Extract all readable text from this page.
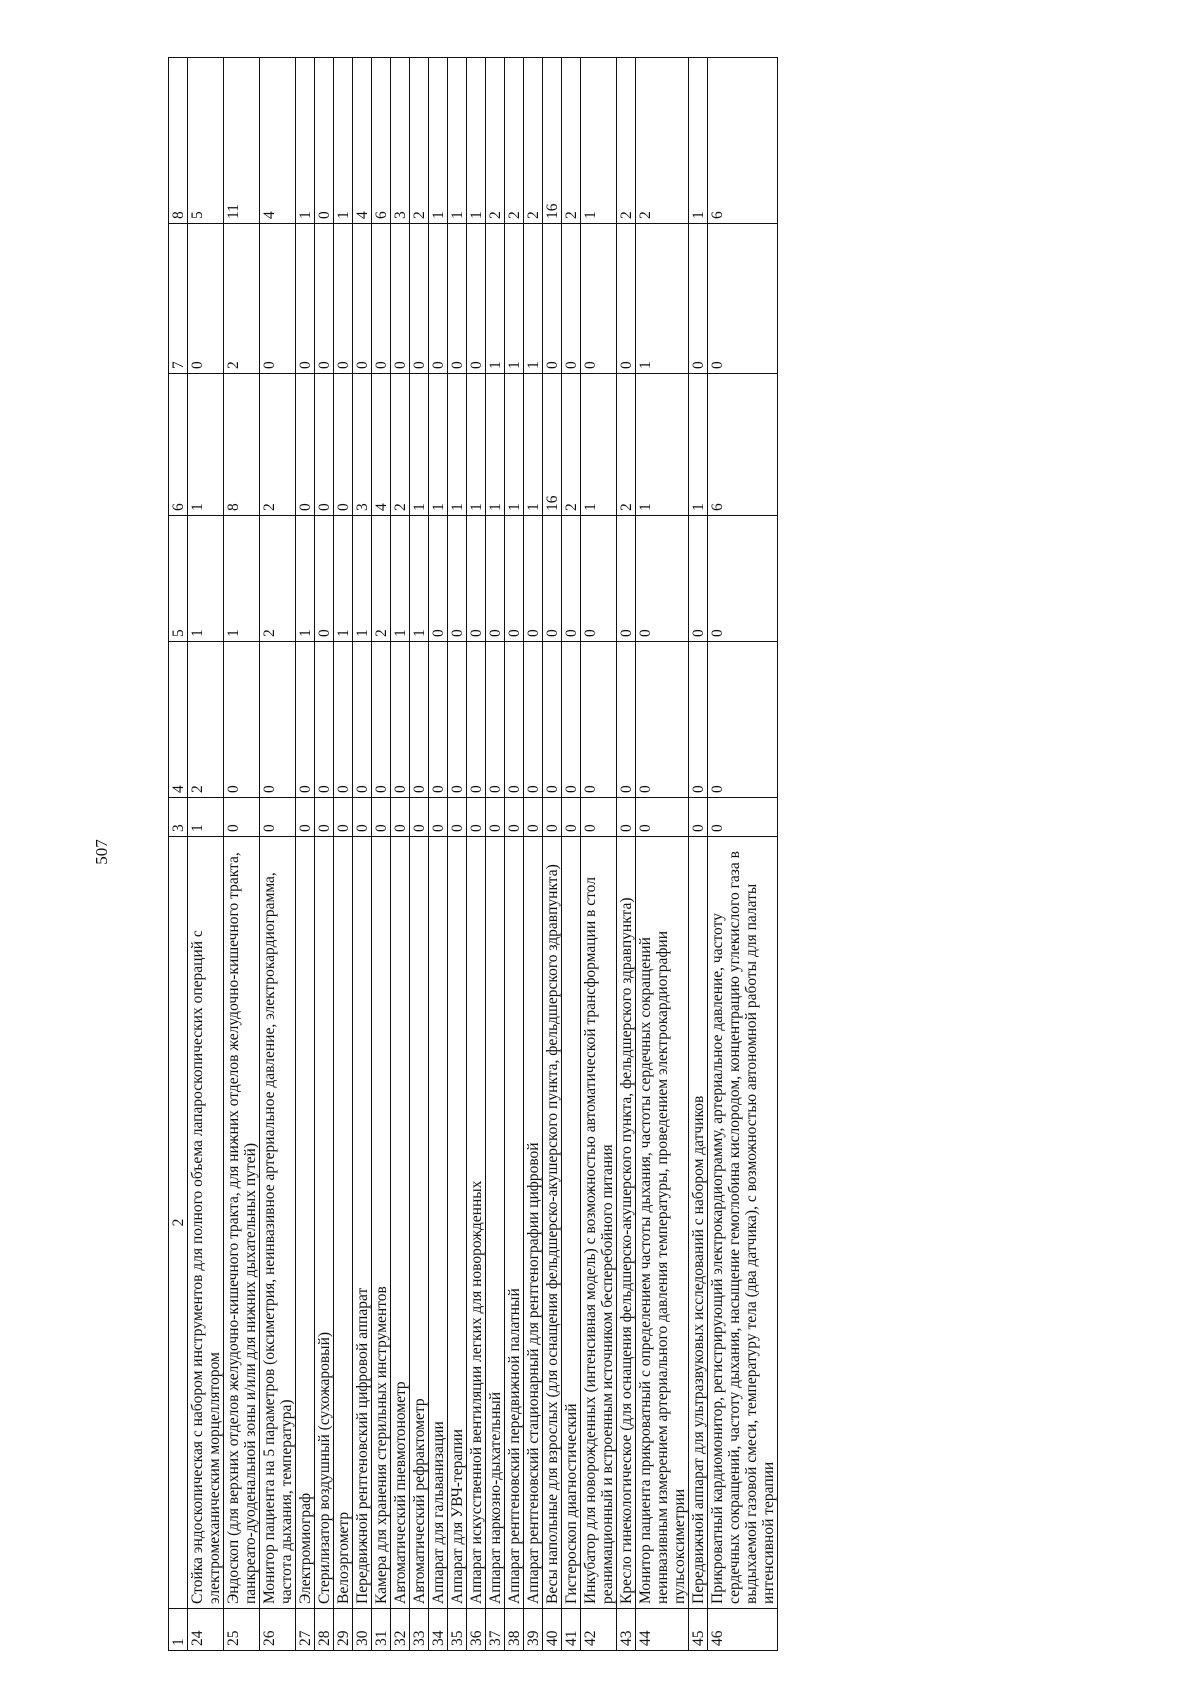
507
1	2	3	4	5	6	7	8
24	Стойка эндоскопическая с набором инструментов для полного объема лапароскопических операций с электромеханическим морцеллятором	1	2	1	1	0	5
25	Эндоскоп (для верхних отделов желудочно-кишечного тракта, для нижних отделов желудочно-кишечного тракта, панкреато-дуоденальной зоны и/или для нижних дыхательных путей)	0	0	1	8	2	11
26	Монитор пациента на 5 параметров (оксиметрия, неинвазивное артериальное давление, электрокардиограмма, частота дыхания, температура)	0	0	2	2	0	4
27	Электромиограф	0	0	1	0	0	1
28	Стерилизатор воздушный (сухожаровый)	0	0	0	0	0	0
29	Велоэргометр	0	0	1	0	0	1
30	Передвижной рентгеновский цифровой аппарат	0	0	1	3	0	4
31	Камера для хранения стерильных инструментов	0	0	2	4	0	6
32	Автоматический пневмотонометр	0	0	1	2	0	3
33	Автоматический рефрактометр	0	0	1	1	0	2
34	Аппарат для гальванизации	0	0	0	1	0	1
35	Аппарат для УВЧ-терапии	0	0	0	1	0	1
36	Аппарат искусственной вентиляции легких для новорожденных	0	0	0	1	0	1
37	Аппарат наркозно-дыхательный	0	0	0	1	1	2
38	Аппарат рентгеновский передвижной палатный	0	0	0	1	1	2
39	Аппарат рентгеновский стационарный для рентгенографии цифровой	0	0	0	1	1	2
40	Весы напольные для взрослых (для оснащения фельдшерско-акушерского пункта, фельдшерского здравпункта)	0	0	0	16	0	16
41	Гистероскоп диагностический	0	0	0	2	0	2
42	Инкубатор для новорожденных (интенсивная модель) с возможностью автоматической трансформации в стол реанимационный и встроенным источником бесперебойного питания	0	0	0	1	0	1
43	Кресло гинекологическое (для оснащения фельдшерско-акушерского пункта, фельдшерского здравпункта)	0	0	0	2	0	2
44	Монитор пациента прикроватный с определением частоты дыхания, частоты сердечных сокращений неинвазивным измерением артериального давления температуры, проведением электрокардиографии пульсоксиметрии	0	0	0	1	1	2
45	Передвижной аппарат для ультразвуковых исследований с набором датчиков	0	0	0	1	0	1
46	Прикроватный кардиомонитор, регистрирующий электрокардиограмму, артериальное давление, частоту сердечных сокращений, частоту дыхания, насыщение гемоглобина кислородом, концентрацию углекислого газа в выдыхаемой газовой смеси, температуру тела (два датчика), с возможностью автономной работы для палаты интенсивной терапии	0	0	0	6	0	6
